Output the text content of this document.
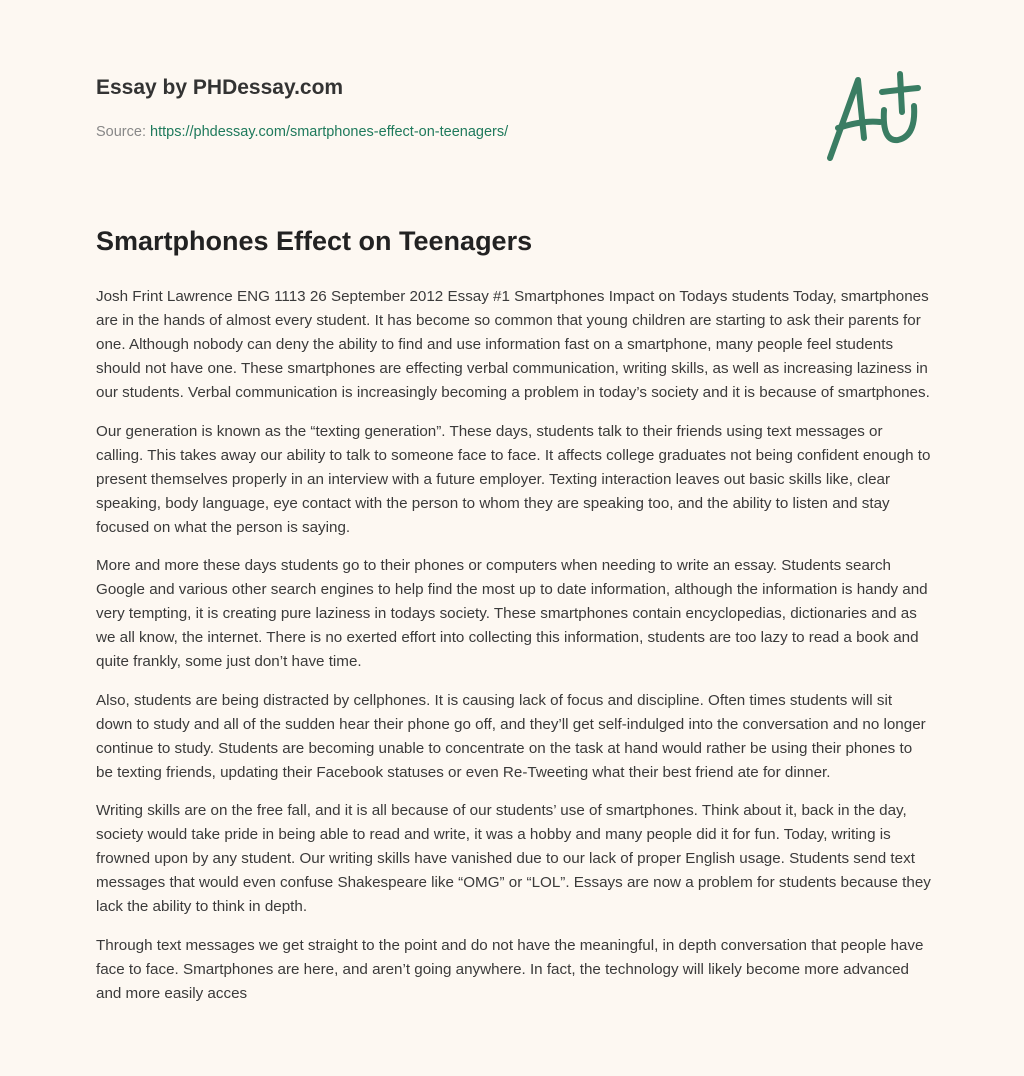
Essay by PHDessay.com
Source: https://phdessay.com/smartphones-effect-on-teenagers/
Smartphones Effect on Teenagers

Josh Frint Lawrence ENG 1113 26 September 2012 Essay #1 Smartphones Impact on Todays students Today, smartphones are in the hands of almost every student. It has become so common that young children are starting to ask their parents for one. Although nobody can deny the ability to find and use information fast on a smartphone, many people feel students should not have one. These smartphones are effecting verbal communication, writing skills, as well as increasing laziness in our students. Verbal communication is increasingly becoming a problem in today’s society and it is because of smartphones.

Our generation is known as the “texting generation”. These days, students talk to their friends using text messages or calling. This takes away our ability to talk to someone face to face. It affects college graduates not being confident enough to present themselves properly in an interview with a future employer. Texting interaction leaves out basic skills like, clear speaking, body language, eye contact with the person to whom they are speaking too, and the ability to listen and stay focused on what the person is saying.

More and more these days students go to their phones or computers when needing to write an essay. Students search Google and various other search engines to help find the most up to date information, although the information is handy and very tempting, it is creating pure laziness in todays society. These smartphones contain encyclopedias, dictionaries and as we all know, the internet. There is no exerted effort into collecting this information, students are too lazy to read a book and quite frankly, some just don’t have time.

Also, students are being distracted by cellphones. It is causing lack of focus and discipline. Often times students will sit down to study and all of the sudden hear their phone go off, and they’ll get self-indulged into the conversation and no longer continue to study. Students are becoming unable to concentrate on the task at hand would rather be using their phones to be texting friends, updating their Facebook statuses or even Re-Tweeting what their best friend ate for dinner.

Writing skills are on the free fall, and it is all because of our students’ use of smartphones. Think about it, back in the day, society would take pride in being able to read and write, it was a hobby and many people did it for fun. Today, writing is frowned upon by any student. Our writing skills have vanished due to our lack of proper English usage. Students send text messages that would even confuse Shakespeare like “OMG” or “LOL”. Essays are now a problem for students because they lack the ability to think in depth.

Through text messages we get straight to the point and do not have the meaningful, in depth conversation that people have face to face. Smartphones are here, and aren’t going anywhere. In fact, the technology will likely become more advanced and more easily acces
